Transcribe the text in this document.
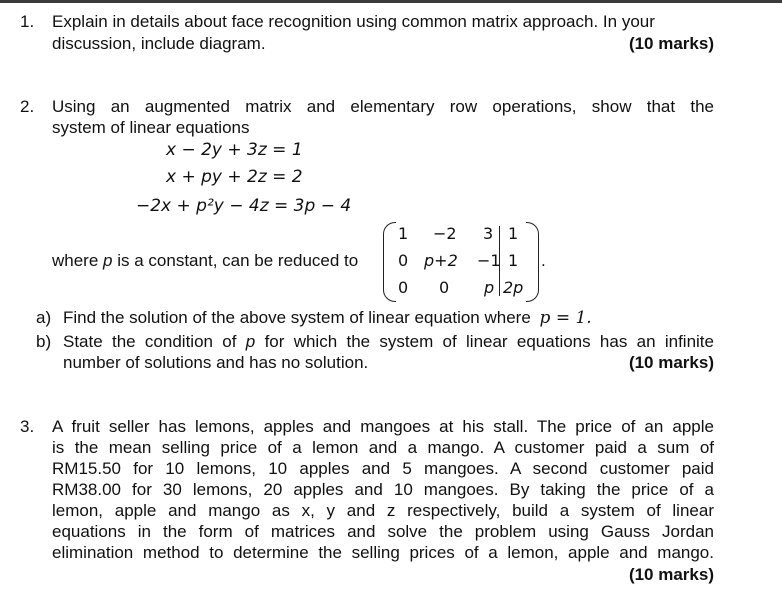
1. Explain in details about face recognition using common matrix approach. In your
discussion, include diagram.	(10 marks)
2. Using an augmented matrix and elementary row operations, show that the
system of linear equations
x − 2y + 3z = 1
x + py + 2z = 2
−2x + p²y − 4z = 3p − 4
where p is a constant, can be reduced to
1 −2 3 1
0 p+2 −1 1
0 0 p 2p
.
a) Find the solution of the above system of linear equation where p = 1.
b) State the condition of p for which the system of linear equations has an infinite
number of solutions and has no solution.	(10 marks)
3. A fruit seller has lemons, apples and mangoes at his stall. The price of an apple
is the mean selling price of a lemon and a mango. A customer paid a sum of
RM15.50 for 10 lemons, 10 apples and 5 mangoes. A second customer paid
RM38.00 for 30 lemons, 20 apples and 10 mangoes. By taking the price of a
lemon, apple and mango as x, y and z respectively, build a system of linear
equations in the form of matrices and solve the problem using Gauss Jordan
elimination method to determine the selling prices of a lemon, apple and mango.
(10 marks)
